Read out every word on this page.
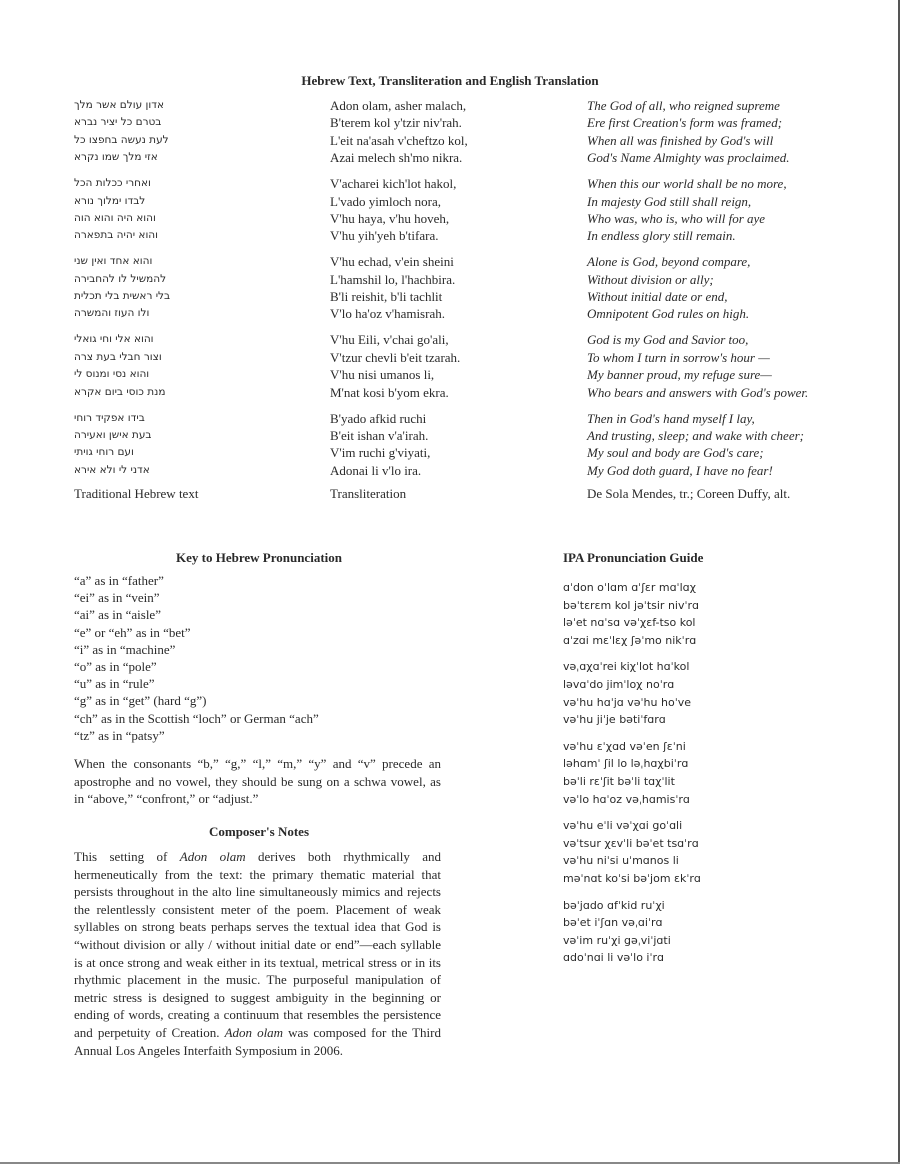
Hebrew Text, Transliteration and English Translation
אדון עולם אשר מלך
בטרם כל יציר נברא
לעת נעשה בחפצו כל
אזי מלך שמו נקרא
ואחרי ככלות הכל
לבדו ימלוך נורא
והוא היה והוא הוה
והוא יהיה בתפארה
והוא אחד ואין שני
להמשיל לו להחבירה
בלי ראשית בלי תכלית
ולו העוז והמשרה
והוא אלי וחי גואלי
וצור חבלי בעת צרה
והוא נסי ומנוס לי
מנת כוסי ביום אקרא
בידו אפקיד רוחי
בעת אישן ואעירה
ועם רוחי גויתי
אדני לי ולא אירא
Adon olam, asher malach,
B'terem kol y'tzir niv'rah.
L'eit na'asah v'cheftzo kol,
Azai melech sh'mo nikra.
V'acharei kich'lot hakol,
L'vado yimloch nora,
V'hu haya, v'hu hoveh,
V'hu yih'yeh b'tifara.
V'hu echad, v'ein sheini
L'hamshil lo, l'hachbira.
B'li reishit, b'li tachlit
V'lo ha'oz v'hamisrah.
V'hu Eili, v'chai go'ali,
V'tzur chevli b'eit tzarah.
V'hu nisi umanos li,
M'nat kosi b'yom ekra.
B'yado afkid ruchi
B'eit ishan v'a'irah.
V'im ruchi g'viyati,
Adonai li v'lo ira.
The God of all, who reigned supreme
Ere first Creation's form was framed;
When all was finished by God's will
God's Name Almighty was proclaimed.
When this our world shall be no more,
In majesty God still shall reign,
Who was, who is, who will for aye
In endless glory still remain.
Alone is God, beyond compare,
Without division or ally;
Without initial date or end,
Omnipotent God rules on high.
God is my God and Savior too,
To whom I turn in sorrow's hour —
My banner proud, my refuge sure—
Who bears and answers with God's power.
Then in God's hand myself I lay,
And trusting, sleep; and wake with cheer;
My soul and body are God's care;
My God doth guard, I have no fear!
Traditional Hebrew text	Transliteration	De Sola Mendes, tr.; Coreen Duffy, alt.
Key to Hebrew Pronunciation
“a” as in “father”
“ei” as in “vein”
“ai” as in “aisle”
“e” or “eh” as in “bet”
“i” as in “machine”
“o” as in “pole”
“u” as in “rule”
“g” as in “get” (hard “g”)
“ch” as in the Scottish “loch” or German “ach”
“tz” as in “patsy”
When the consonants “b,” “g,” “l,” “m,” “y” and “v” precede an apostrophe and no vowel, they should be sung on a schwa vowel, as in “above,” “confront,” or “adjust.”
Composer's Notes
This setting of Adon olam derives both rhythmically and hermeneutically from the text: the primary thematic material that persists throughout in the alto line simultaneously mimics and rejects the relentlessly consistent meter of the poem. Placement of weak syllables on strong beats perhaps serves the textual idea that God is “without division or ally / without initial date or end”—each syllable is at once strong and weak either in its textual, metrical stress or in its rhythmic placement in the music. The purposeful manipulation of metric stress is designed to suggest ambiguity in the beginning or ending of words, creating a continuum that resembles the persistence and perpetuity of Creation. Adon olam was composed for the Third Annual Los Angeles Interfaith Symposium in 2006.
IPA Pronunciation Guide
ɑˈdon oˈlɑm ɑˈʃɛr mɑˈlɑχ
bəˈtɛrɛm kol jəˈtsir nivˈrɑ
ləˈet nɑˈsɑ vəˈχɛf-tso kol
ɑˈzɑi mɛˈlɛχ ʃəˈmo nikˈrɑ
vəˌɑχɑˈrei kiχˈlot hɑˈkol
ləvɑˈdo jimˈloχ noˈrɑ
vəˈhu hɑˈjɑ vəˈhu hoˈve
vəˈhu jiˈje bətiˈfɑrɑ
vəˈhu ɛˈχɑd vəˈen ʃɛˈni
ləhɑmˈ ʃil lo ləˌhɑχbiˈrɑ
bəˈli rɛˈʃit bəˈli tɑχˈlit
vəˈlo hɑˈoz vəˌhɑmisˈrɑ
vəˈhu eˈli vəˈχɑi goˈɑli
vəˈtsur χɛvˈli bəˈet tsɑˈrɑ
vəˈhu niˈsi uˈmɑnos li
məˈnɑt koˈsi bəˈjom ɛkˈrɑ
bəˈjɑdo ɑfˈkid ruˈχi
bəˈet iˈʃɑn vəˌɑiˈrɑ
vəˈim ruˈχi gəˌviˈjɑti
ɑdoˈnɑi li vəˈlo iˈrɑ
